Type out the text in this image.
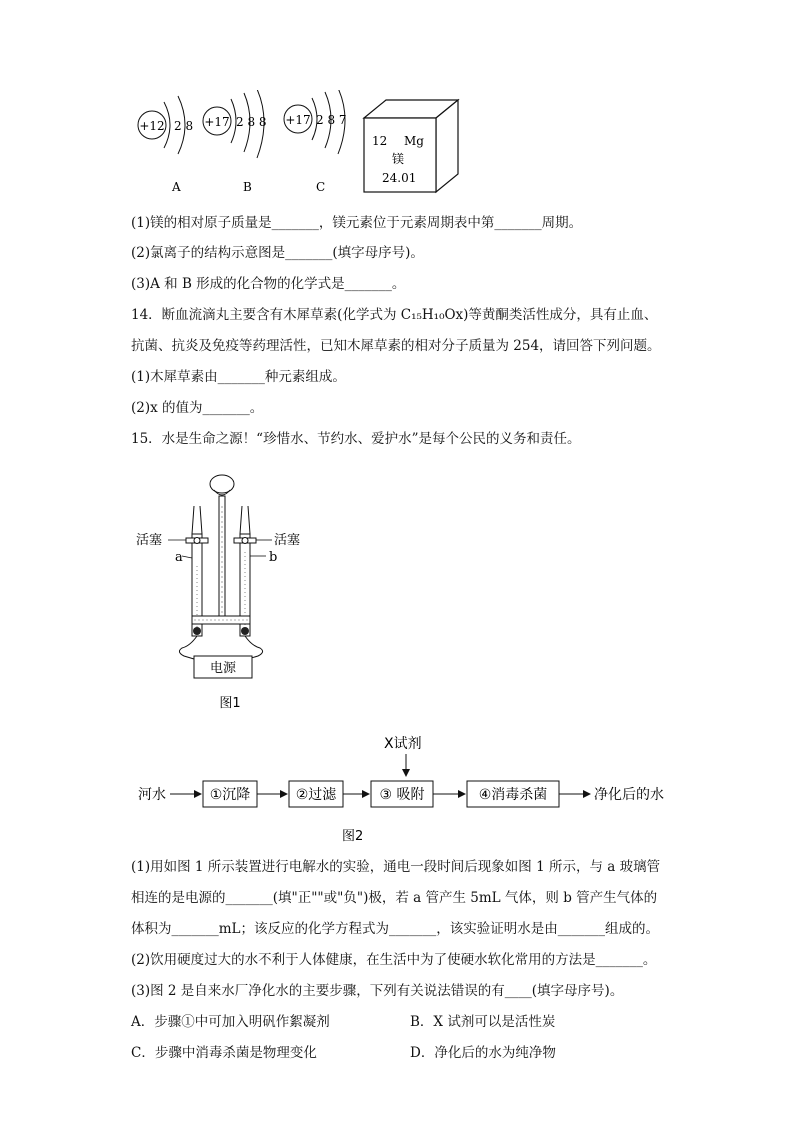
+12 2 8
A
+17 2 8 8
B
+17 2 8 7
C
12 Mg
镁
24.01
(1)镁的相对原子质量是_______，镁元素位于元素周期表中第_______周期。
(2)氯离子的结构示意图是_______(填字母序号)。
(3)A 和 B 形成的化合物的化学式是_______。
14．断血流滴丸主要含有木犀草素(化学式为 C₁₅H₁₀Ox)等黄酮类活性成分，具有止血、
抗菌、抗炎及免疫等药理活性，已知木犀草素的相对分子质量为 254，请回答下列问题。
(1)木犀草素由_______种元素组成。
(2)x 的值为_______。
15．水是生命之源！“珍惜水、节约水、爱护水”是每个公民的义务和责任。
电源
活塞	活塞
a	b
图1
X试剂
河水	①沉降	②过滤	③ 吸附	④消毒杀菌	净化后的水
图2
(1)用如图 1 所示装置进行电解水的实验，通电一段时间后现象如图 1 所示，与 a 玻璃管
相连的是电源的_______(填"正""或"负")极，若 a 管产生 5mL 气体，则 b 管产生气体的
体积为_______mL；该反应的化学方程式为_______，该实验证明水是由_______组成的。
(2)饮用硬度过大的水不利于人体健康，在生活中为了使硬水软化常用的方法是_______。
(3)图 2 是自来水厂净化水的主要步骤，下列有关说法错误的有____(填字母序号)。
A．步骤①中可加入明矾作絮凝剂	B．X 试剂可以是活性炭
C．步骤中消毒杀菌是物理变化	D．净化后的水为纯净物
